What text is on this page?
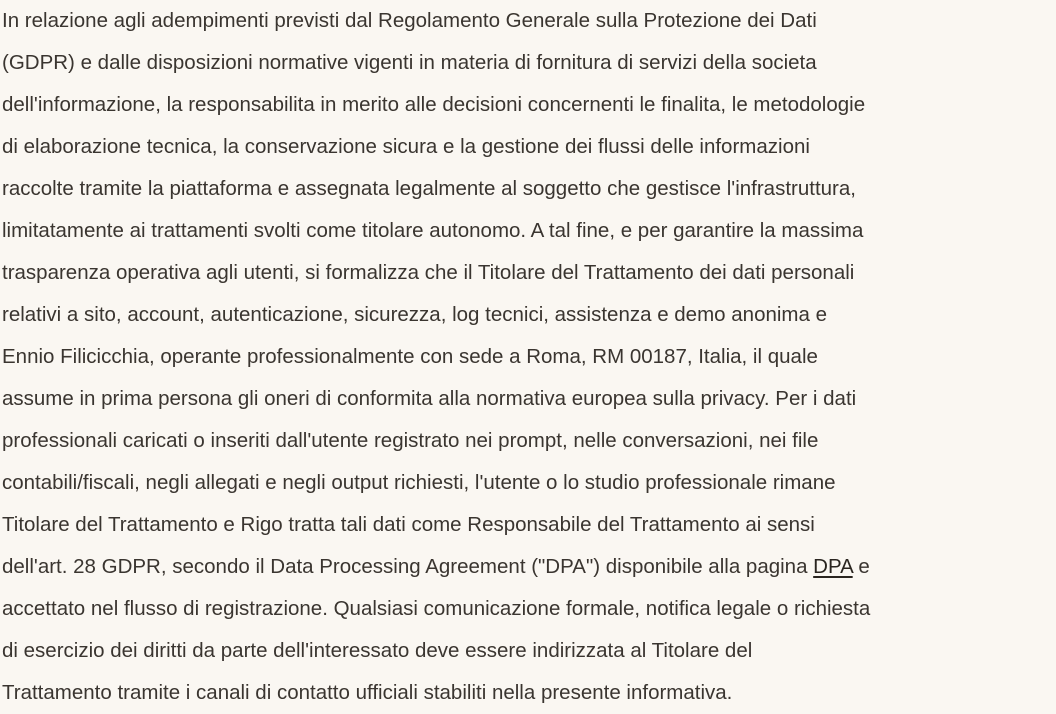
In relazione agli adempimenti previsti dal Regolamento Generale sulla Protezione dei Dati
(GDPR) e dalle disposizioni normative vigenti in materia di fornitura di servizi della societa
dell'informazione, la responsabilita in merito alle decisioni concernenti le finalita, le metodologie
di elaborazione tecnica, la conservazione sicura e la gestione dei flussi delle informazioni
raccolte tramite la piattaforma e assegnata legalmente al soggetto che gestisce l'infrastruttura,
limitatamente ai trattamenti svolti come titolare autonomo. A tal fine, e per garantire la massima
trasparenza operativa agli utenti, si formalizza che il Titolare del Trattamento dei dati personali
relativi a sito, account, autenticazione, sicurezza, log tecnici, assistenza e demo anonima e
Ennio Filicicchia, operante professionalmente con sede a Roma, RM 00187, Italia, il quale
assume in prima persona gli oneri di conformita alla normativa europea sulla privacy. Per i dati
professionali caricati o inseriti dall'utente registrato nei prompt, nelle conversazioni, nei file
contabili/fiscali, negli allegati e negli output richiesti, l'utente o lo studio professionale rimane
Titolare del Trattamento e Rigo tratta tali dati come Responsabile del Trattamento ai sensi
dell'art. 28 GDPR, secondo il Data Processing Agreement ("DPA") disponibile alla pagina DPA e
accettato nel flusso di registrazione. Qualsiasi comunicazione formale, notifica legale o richiesta
di esercizio dei diritti da parte dell'interessato deve essere indirizzata al Titolare del
Trattamento tramite i canali di contatto ufficiali stabiliti nella presente informativa.
